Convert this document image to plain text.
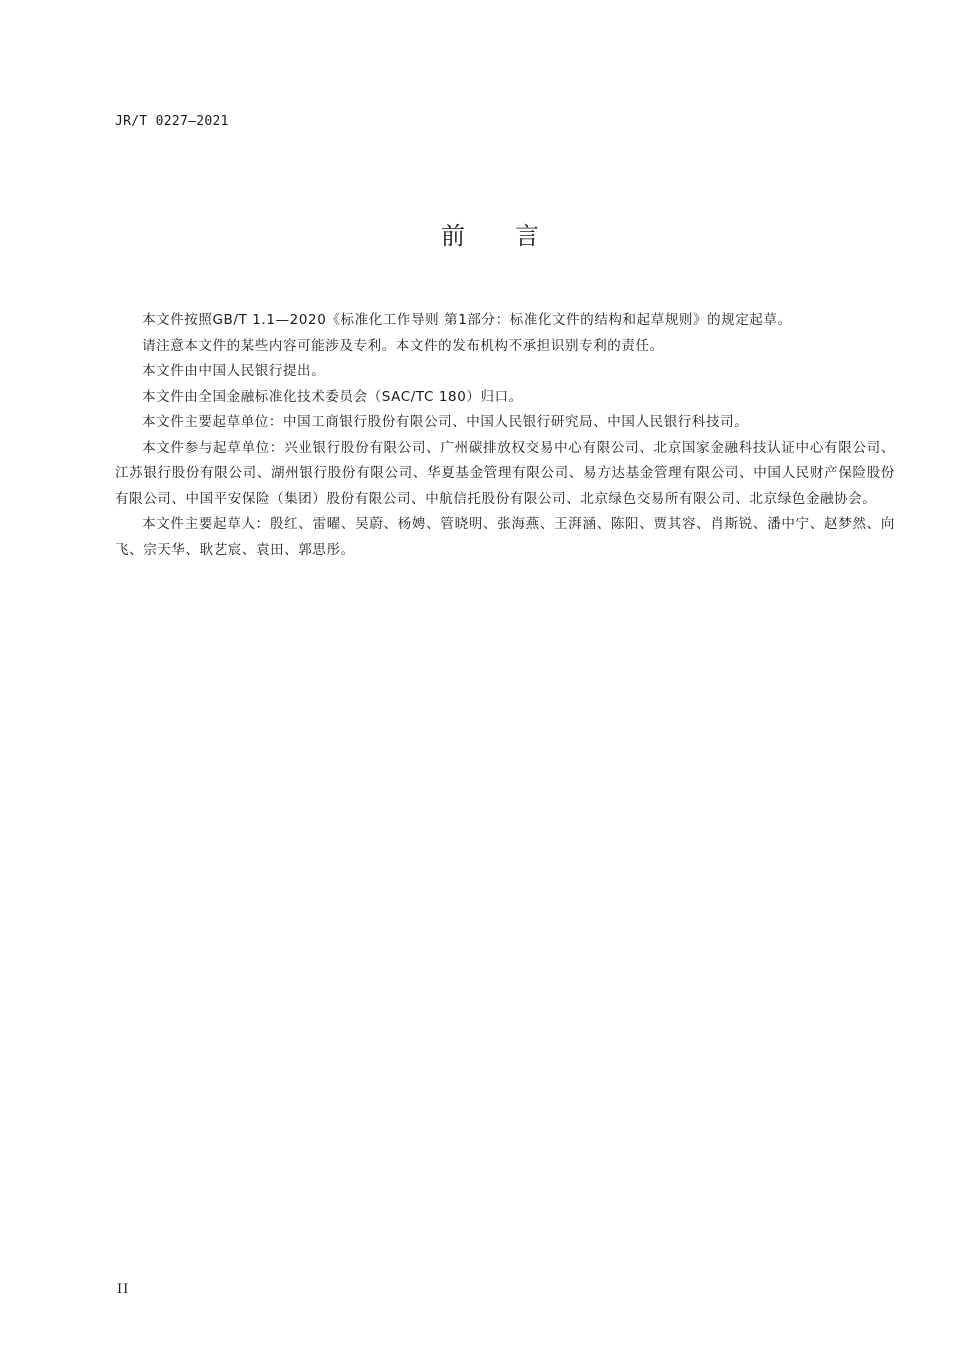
JR/T 0227—2021
前言

本文件按照GB/T 1.1—2020《标准化工作导则 第1部分：标准化文件的结构和起草规则》的规定起草。

请注意本文件的某些内容可能涉及专利。本文件的发布机构不承担识别专利的责任。

本文件由中国人民银行提出。

本文件由全国金融标准化技术委员会（SAC/TC 180）归口。

本文件主要起草单位：中国工商银行股份有限公司、中国人民银行研究局、中国人民银行科技司。

本文件参与起草单位：兴业银行股份有限公司、广州碳排放权交易中心有限公司、北京国家金融科技认证中心有限公司、江苏银行股份有限公司、湖州银行股份有限公司、华夏基金管理有限公司、易方达基金管理有限公司、中国人民财产保险股份有限公司、中国平安保险（集团）股份有限公司、中航信托股份有限公司、北京绿色交易所有限公司、北京绿色金融协会。

本文件主要起草人：殷红、雷曜、吴蔚、杨娉、管晓明、张海燕、王湃涵、陈阳、贾其容、肖斯锐、潘中宁、赵梦然、向飞、宗天华、耿艺宸、袁田、郭思彤。

II
